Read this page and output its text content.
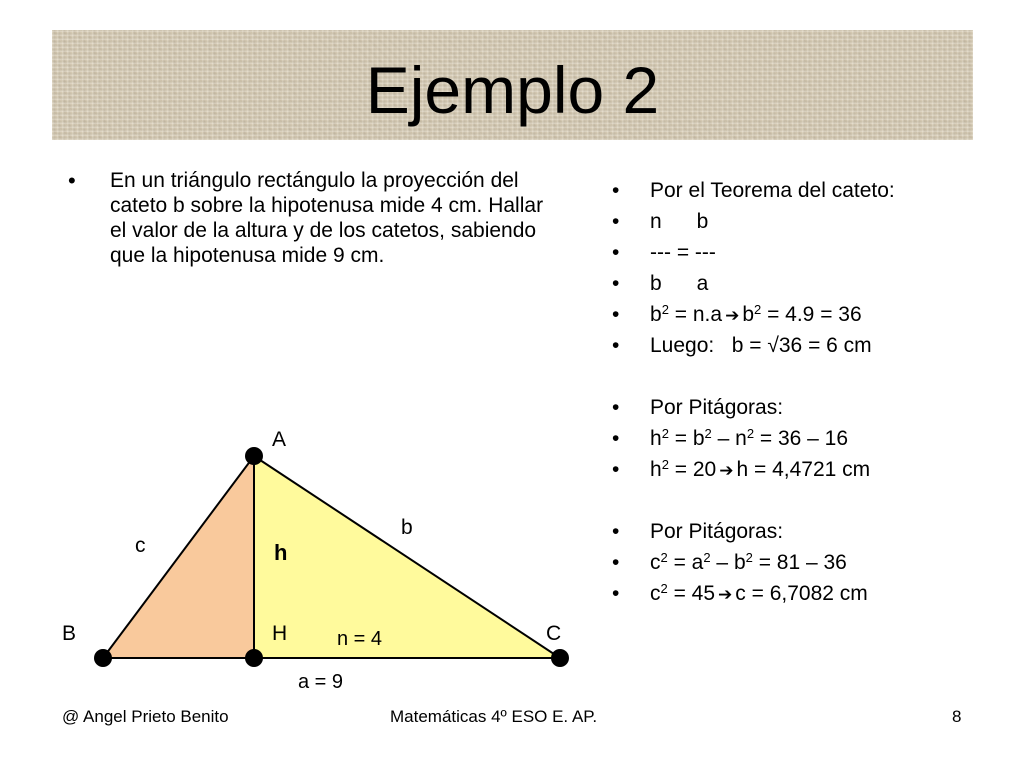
Ejemplo 2
• En un triángulo rectángulo la proyección del cateto b sobre la hipotenusa mide 4 cm. Hallar el valor de la altura y de los catetos, sabiendo que la hipotenusa mide 9 cm.
• Por el Teorema del cateto:
• n      b
• --- = ---
• b      a
• $b^2 = n.a$ ➔ $b^2 = 4.9 = 36$
• Luego:   b = √36 = 6 cm
• Por Pitágoras:
• $h^2 = b^2 - n^2 = 36 - 16$
• $h^2 = 20$ ➔ h = 4,4721 cm
• Por Pitágoras:
• $c^2 = a^2 - b^2 = 81 - 36$
• $c^2 = 45$ ➔ c = 6,7082 cm
A
B	C
H
b
c	h
n = 4
a = 9
@ Angel Prieto Benito	Matemáticas 4º ESO E. AP.	8
